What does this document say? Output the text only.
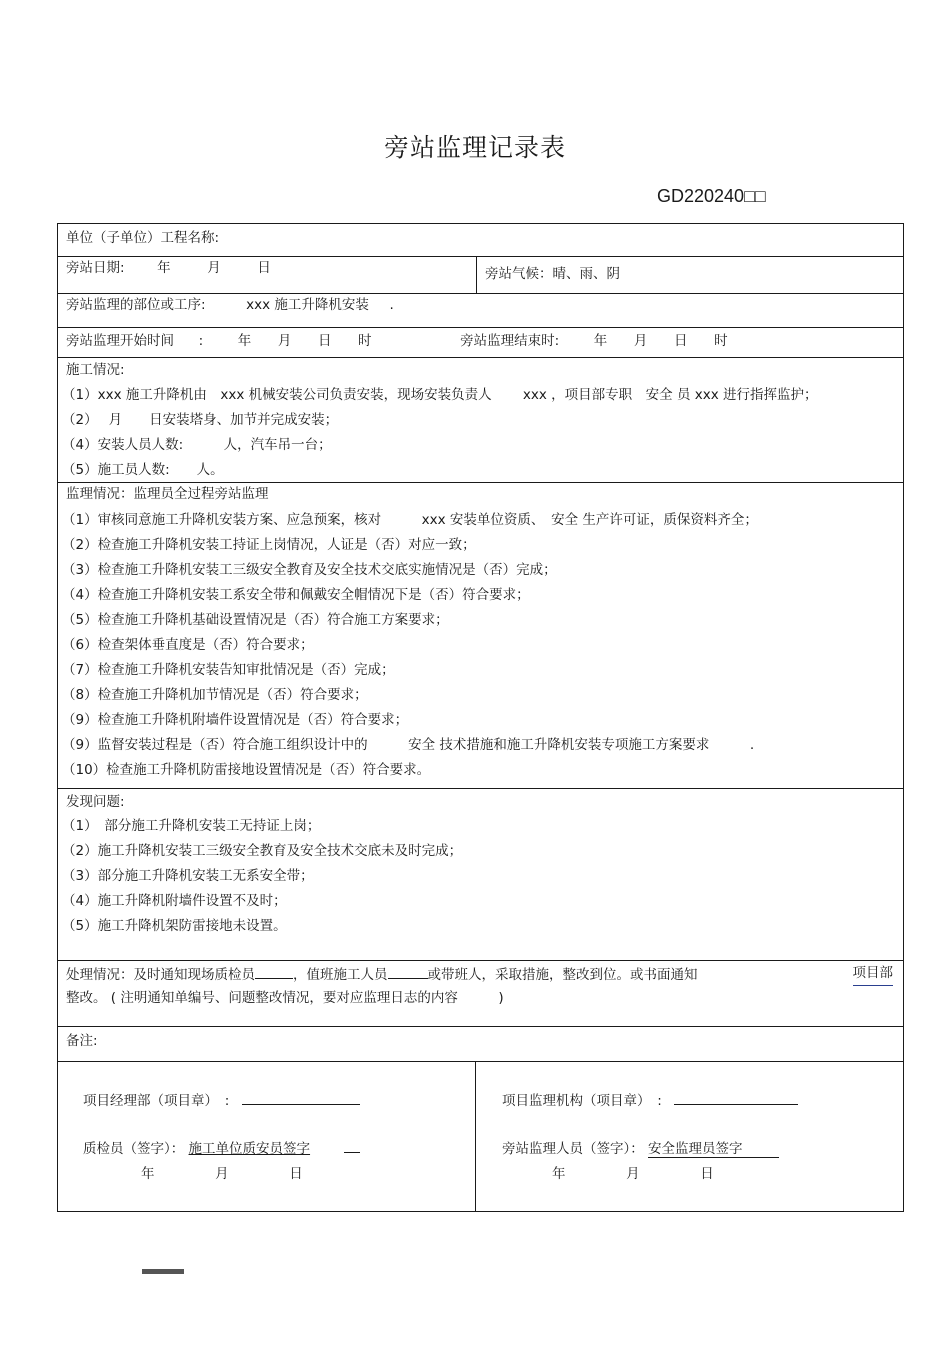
旁站监理记录表
GD220240□□
单位（子单位）工程名称:
旁站日期: 年	月	日	旁站气候：晴、雨、阴
旁站监理的部位或工序:	xxx 施工升降机安装 .
旁站监理开始时间 :	年 月 日 时	旁站监理结束时:	年 月 日 时
施工情况:
（1）xxx 施工升降机由　xxx 机械安装公司负责安装，现场安装负责人　　 xxx ，项目部专职　安全 员 xxx 进行指挥监护；
（2）　 月　　日安装塔身、加节并完成安装；
（4）安装人员人数:　　　人，汽车吊一台；
（5）施工员人数:　　人。
监理情况：监理员全过程旁站监理
（1）审核同意施工升降机安装方案、应急预案，核对　　　xxx 安装单位资质、　安全 生产许可证，质保资料齐全；
（2）检查施工升降机安装工持证上岗情况，人证是（否）对应一致；
（3）检查施工升降机安装工三级安全教育及安全技术交底实施情况是（否）完成；
（4）检查施工升降机安装工系安全带和佩戴安全帽情况下是（否）符合要求；
（5）检查施工升降机基础设置情况是（否）符合施工方案要求；
（6）检查架体垂直度是（否）符合要求；
（7）检查施工升降机安装告知审批情况是（否）完成；
（8）检查施工升降机加节情况是（否）符合要求；
（9）检查施工升降机附墙件设置情况是（否）符合要求；
（9）监督安装过程是（否）符合施工组织设计中的　　　安全 技术措施和施工升降机安装专项施工方案要求　　　.
（10）检查施工升降机防雷接地设置情况是（否）符合要求。
发现问题:
（1）　部分施工升降机安装工无持证上岗；
（2）施工升降机安装工三级安全教育及安全技术交底未及时完成；
（3）部分施工升降机安装工无系安全带；
（4）施工升降机附墙件设置不及时；
（5）施工升降机架防雷接地未设置。
处理情况：及时通知现场质检员	，值班施工人员	或带班人，采取措施，整改到位。或书面通知	项目部
整改。 ( 注明通知单编号、问题整改情况，要对应监理日志的内容　　　)
备注:
项目经理部（项目章）　:
质检员（签字）： 施工单位质安员签字
年	月	日
项目监理机构（项目章）　:
旁站监理人员（签字）： 安全监理员签字
年	月	日
